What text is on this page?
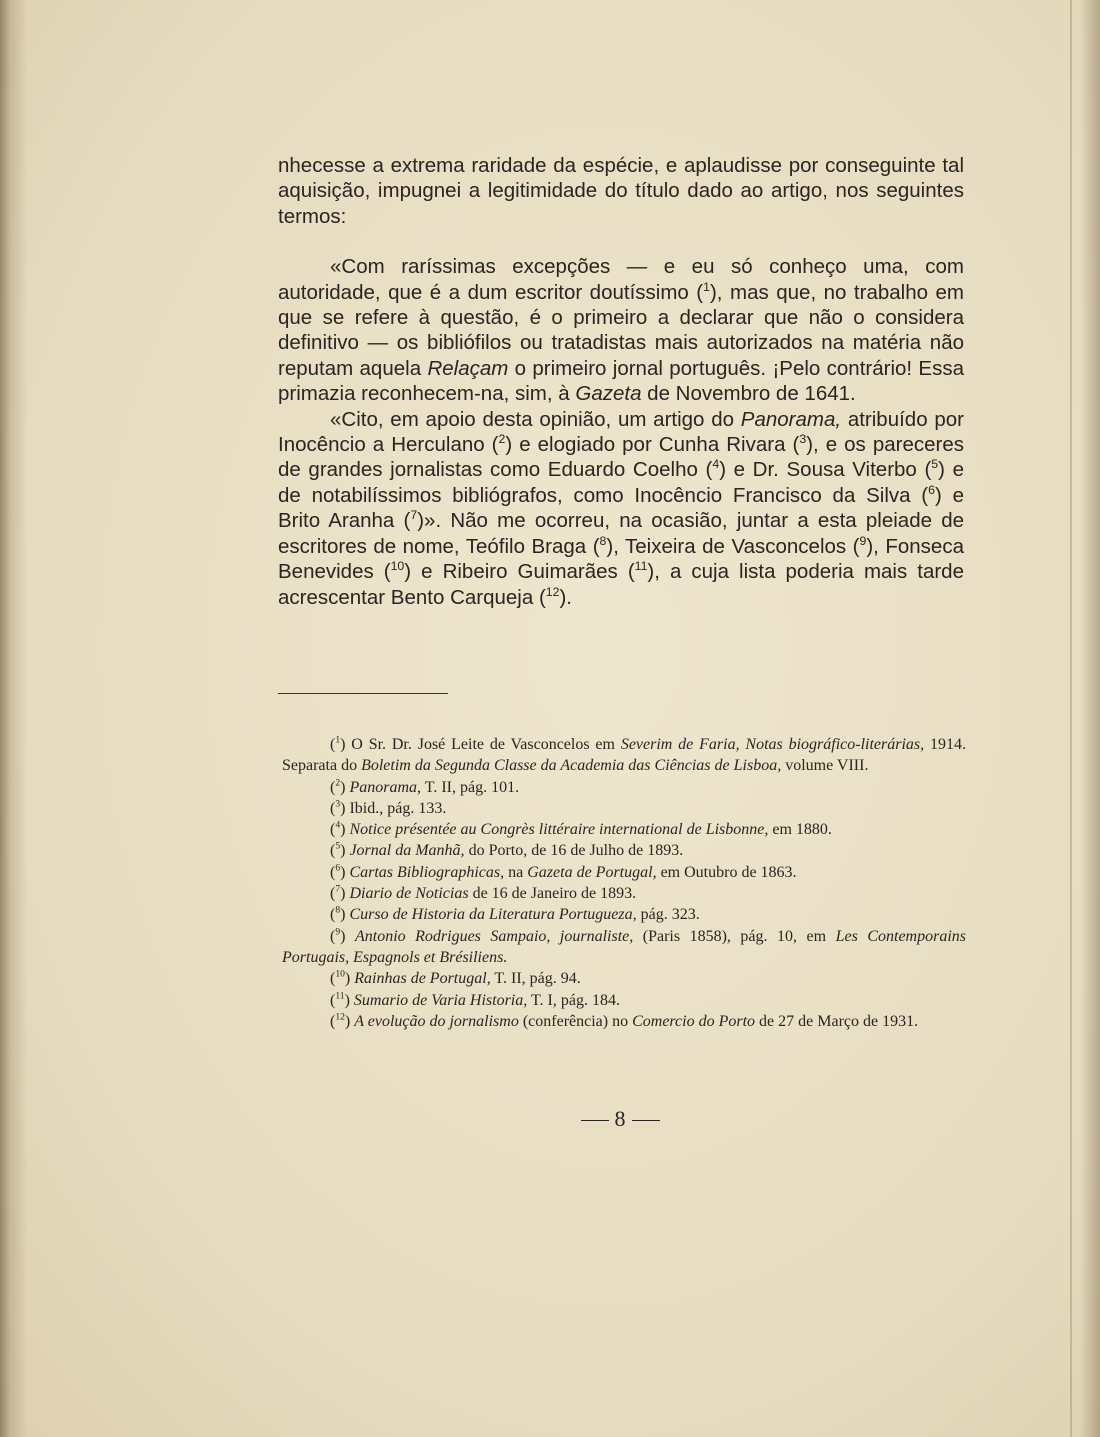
nhecesse a extrema raridade da espécie, e aplaudisse por conseguinte tal aquisição, impugnei a legitimidade do título dado ao artigo, nos seguintes termos:

«Com raríssimas excepções — e eu só conheço uma, com autoridade, que é a dum escritor doutíssimo ($^1$), mas que, no trabalho em que se refere à questão, é o primeiro a declarar que não o considera definitivo — os bibliófilos ou tratadistas mais autorizados na matéria não reputam aquela Relaçam o primeiro jornal português. ¡Pelo contrário! Essa primazia reconhecem-na, sim, à Gazeta de Novembro de 1641.

«Cito, em apoio desta opinião, um artigo do Panorama, atribuído por Inocêncio a Herculano ($^2$) e elogiado por Cunha Rivara ($^3$), e os pareceres de grandes jornalistas como Eduardo Coelho ($^4$) e Dr. Sousa Viterbo ($^5$) e de notabilíssimos bibliógrafos, como Inocêncio Francisco da Silva ($^6$) e Brito Aranha ($^7$)». Não me ocorreu, na ocasião, juntar a esta pleiade de escritores de nome, Teófilo Braga ($^8$), Teixeira de Vasconcelos ($^9$), Fonseca Benevides ($^{10}$) e Ribeiro Guimarães ($^{11}$), a cuja lista poderia mais tarde acrescentar Bento Carqueja ($^{12}$).

($^1$) O Sr. Dr. José Leite de Vasconcelos em Severim de Faria, Notas biográfico-literárias, 1914. Separata do Boletim da Segunda Classe da Academia das Ciências de Lisboa, volume VIII.

($^2$) Panorama, T. II, pág. 101.

($^3$) Ibid., pág. 133.

($^4$) Notice présentée au Congrès littéraire international de Lisbonne, em 1880.

($^5$) Jornal da Manhã, do Porto, de 16 de Julho de 1893.

($^6$) Cartas Bibliographicas, na Gazeta de Portugal, em Outubro de 1863.

($^7$) Diario de Noticias de 16 de Janeiro de 1893.

($^8$) Curso de Historia da Literatura Portugueza, pág. 323.

($^9$) Antonio Rodrigues Sampaio, journaliste, (Paris 1858), pág. 10, em Les Contemporains Portugais, Espagnols et Brésiliens.

($^{10}$) Rainhas de Portugal, T. II, pág. 94.

($^{11}$) Sumario de Varia Historia, T. I, pág. 184.

($^{12}$) A evolução do jornalismo (conferência) no Comercio do Porto de 27 de Março de 1931.

8
